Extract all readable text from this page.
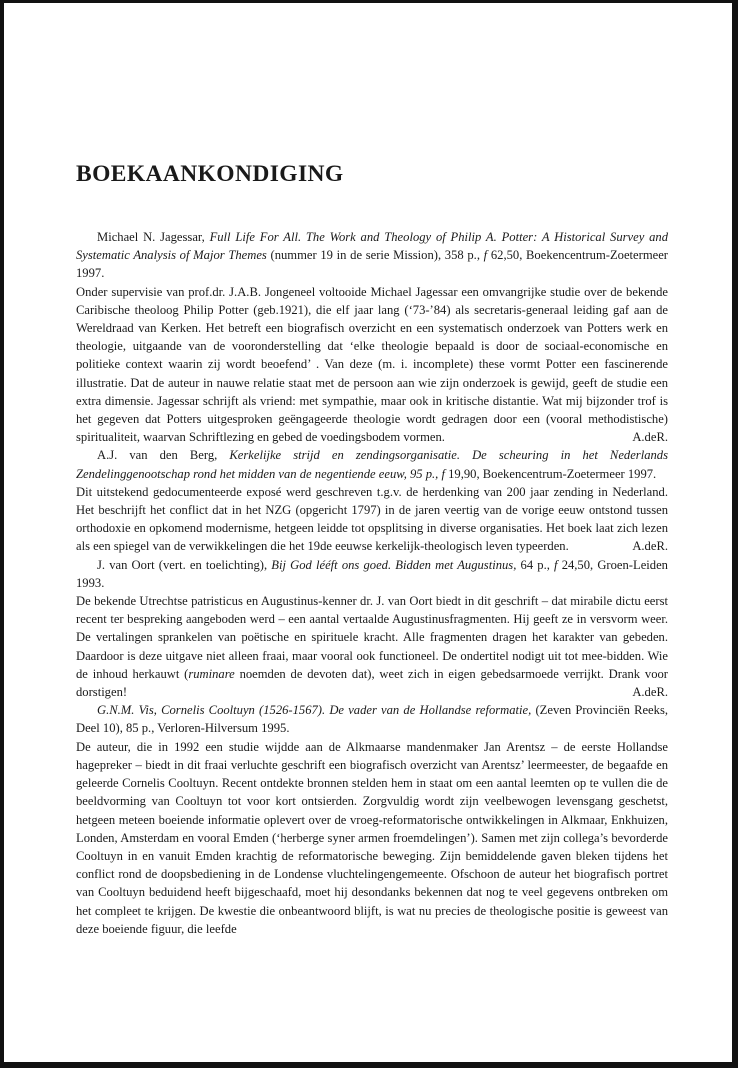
BOEKAANKONDIGING

Michael N. Jagessar, Full Life For All. The Work and Theology of Philip A. Potter: A Historical Survey and Systematic Analysis of Major Themes (nummer 19 in de serie Mission), 358 p., f 62,50, Boekencentrum-Zoetermeer 1997.

Onder supervisie van prof.dr. J.A.B. Jongeneel voltooide Michael Jagessar een omvangrijke studie over de bekende Caribische theoloog Philip Potter (geb.1921), die elf jaar lang (‘73-’84) als secretaris-generaal leiding gaf aan de Wereldraad van Kerken. Het betreft een biografisch overzicht en een systematisch onderzoek van Potters werk en theologie, uitgaande van de vooronderstelling dat ‘elke theologie bepaald is door de sociaal-economische en politieke context waarin zij wordt beoefend’ . Van deze (m. i. incomplete) these vormt Potter een fascinerende illustratie. Dat de auteur in nauwe relatie staat met de persoon aan wie zijn onderzoek is gewijd, geeft de studie een extra dimensie. Jagessar schrijft als vriend: met sympathie, maar ook in kritische distantie. Wat mij bijzonder trof is het gegeven dat Potters uitgesproken geëngageerde theologie wordt gedragen door een (vooral methodistische) spiritualiteit, waarvan Schriftlezing en gebed de voedingsbodem vormen.	A.deR.

A.J. van den Berg, Kerkelijke strijd en zendingsorganisatie. De scheuring in het Nederlands Zendelinggenootschap rond het midden van de negentiende eeuw, 95 p., f 19,90, Boekencentrum-Zoetermeer 1997.

Dit uitstekend gedocumenteerde exposé werd geschreven t.g.v. de herdenking van 200 jaar zending in Nederland. Het beschrijft het conflict dat in het NZG (opgericht 1797) in de jaren veertig van de vorige eeuw ontstond tussen orthodoxie en opkomend modernisme, hetgeen leidde tot opsplitsing in diverse organisaties. Het boek laat zich lezen als een spiegel van de verwikkelingen die het 19de eeuwse kerkelijk-theologisch leven typeerden.	A.deR.

J. van Oort (vert. en toelichting), Bij God lééft ons goed. Bidden met Augustinus, 64 p., f 24,50, Groen-Leiden 1993.

De bekende Utrechtse patristicus en Augustinus-kenner dr. J. van Oort biedt in dit geschrift – dat mirabile dictu eerst recent ter bespreking aangeboden werd – een aantal vertaalde Augustinusfragmenten. Hij geeft ze in versvorm weer. De vertalingen sprankelen van poëtische en spirituele kracht. Alle fragmenten dragen het karakter van gebeden. Daardoor is deze uitgave niet alleen fraai, maar vooral ook functioneel. De ondertitel nodigt uit tot mee-bidden. Wie de inhoud herkauwt (ruminare noemden de devoten dat), weet zich in eigen gebedsarmoede verrijkt. Drank voor dorstigen!	A.deR.

G.N.M. Vis, Cornelis Cooltuyn (1526-1567). De vader van de Hollandse reformatie, (Zeven Provinciën Reeks, Deel 10), 85 p., Verloren-Hilversum 1995.

De auteur, die in 1992 een studie wijdde aan de Alkmaarse mandenmaker Jan Arentsz – de eerste Hollandse hagepreker – biedt in dit fraai verluchte geschrift een biografisch overzicht van Arentsz’ leermeester, de begaafde en geleerde Cornelis Cooltuyn. Recent ontdekte bronnen stelden hem in staat om een aantal leemten op te vullen die de beeldvorming van Cooltuyn tot voor kort ontsierden. Zorgvuldig wordt zijn veelbewogen levensgang geschetst, hetgeen meteen boeiende informatie oplevert over de vroeg-reformatorische ontwikkelingen in Alkmaar, Enkhuizen, Londen, Amsterdam en vooral Emden (‘herberge syner armen froemdelingen’). Samen met zijn collega’s bevorderde Cooltuyn in en vanuit Emden krachtig de reformatorische beweging. Zijn bemiddelende gaven bleken tijdens het conflict rond de doopsbediening in de Londense vluchtelingengemeente. Ofschoon de auteur het biografisch portret van Cooltuyn beduidend heeft bijgeschaafd, moet hij desondanks bekennen dat nog te veel gegevens ontbreken om het compleet te krijgen. De kwestie die onbeantwoord blijft, is wat nu precies de theologische positie is geweest van deze boeiende figuur, die leefde
